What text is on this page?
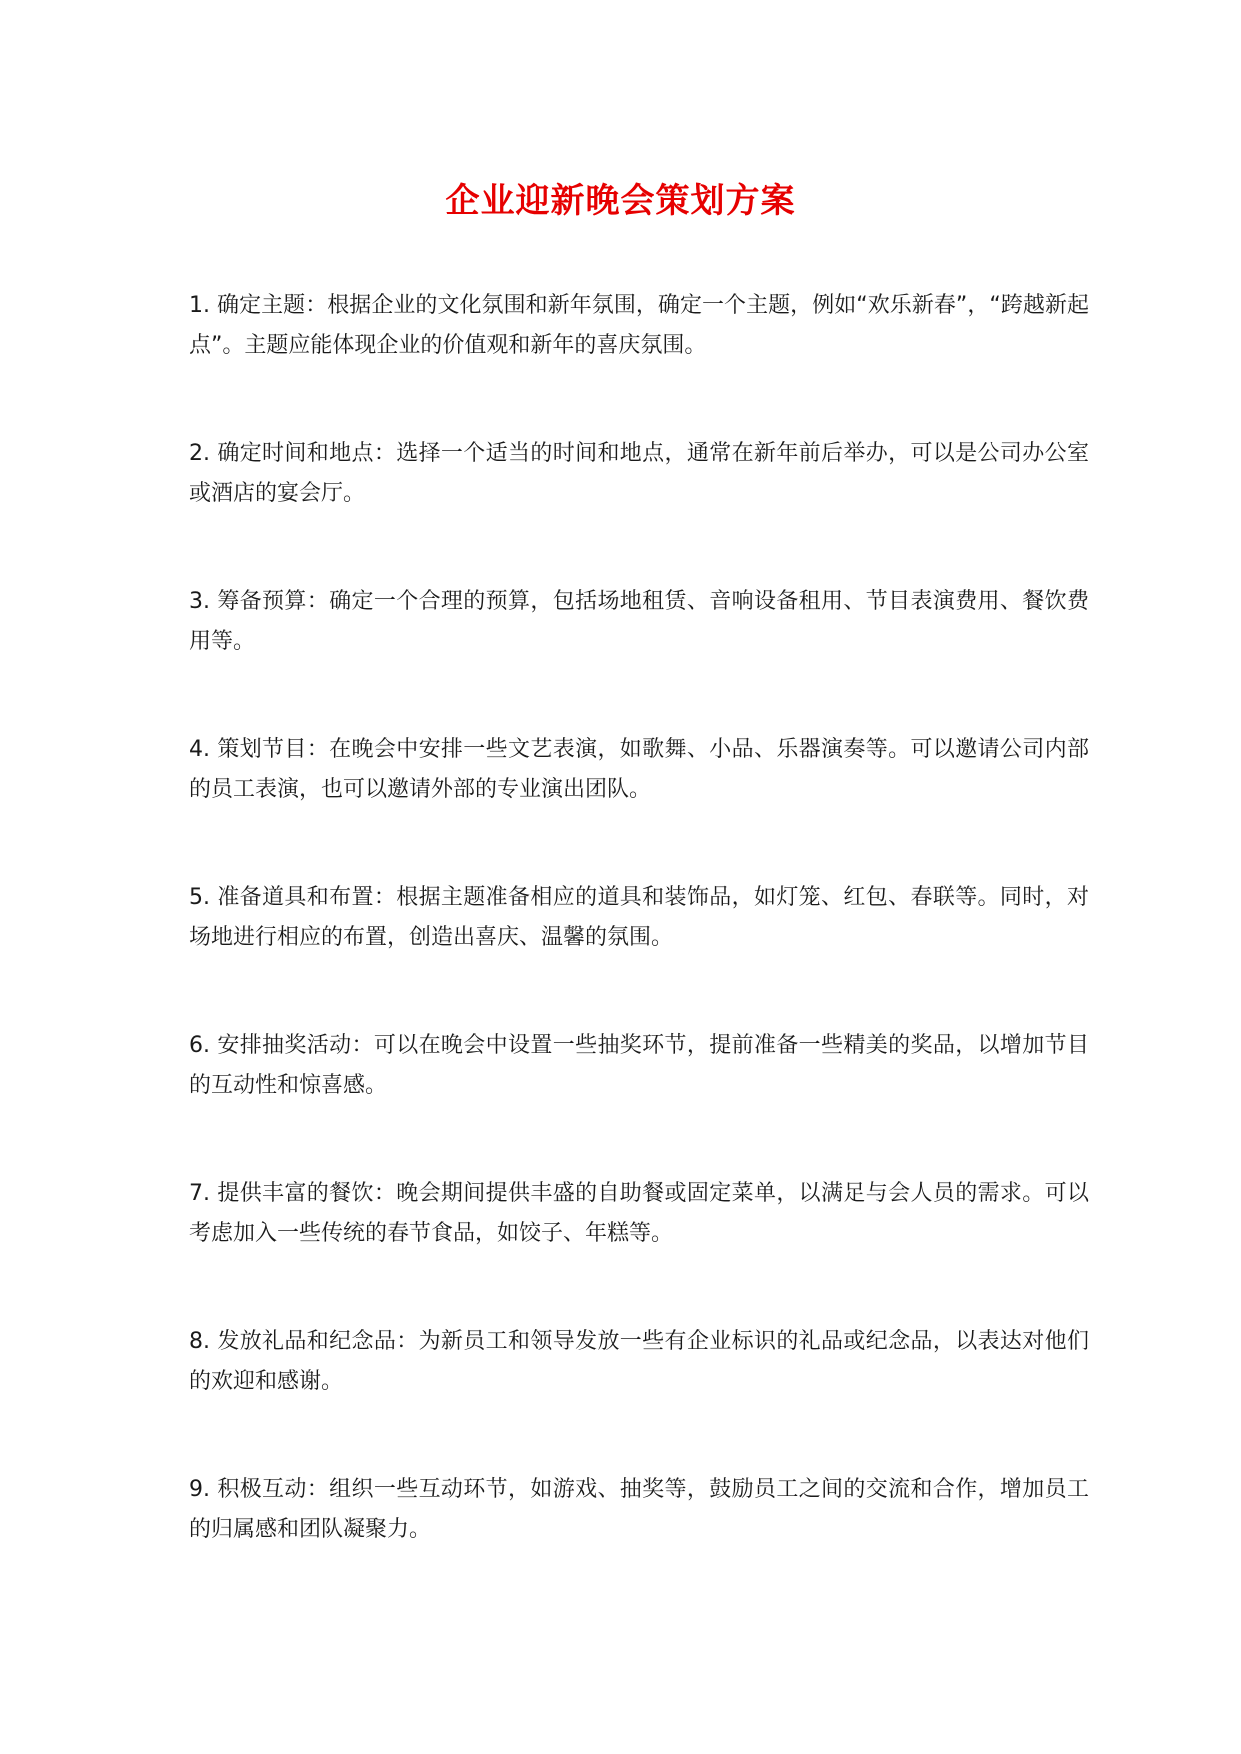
企业迎新晚会策划方案
1. 确定主题：根据企业的文化氛围和新年氛围，确定一个主题，例如“欢乐新春”，“跨越新起点”。主题应能体现企业的价值观和新年的喜庆氛围。
2. 确定时间和地点：选择一个适当的时间和地点，通常在新年前后举办，可以是公司办公室或酒店的宴会厅。
3. 筹备预算：确定一个合理的预算，包括场地租赁、音响设备租用、节目表演费用、餐饮费用等。
4. 策划节目：在晚会中安排一些文艺表演，如歌舞、小品、乐器演奏等。可以邀请公司内部的员工表演，也可以邀请外部的专业演出团队。
5. 准备道具和布置：根据主题准备相应的道具和装饰品，如灯笼、红包、春联等。同时，对场地进行相应的布置，创造出喜庆、温馨的氛围。
6. 安排抽奖活动：可以在晚会中设置一些抽奖环节，提前准备一些精美的奖品，以增加节目的互动性和惊喜感。
7. 提供丰富的餐饮：晚会期间提供丰盛的自助餐或固定菜单，以满足与会人员的需求。可以考虑加入一些传统的春节食品，如饺子、年糕等。
8. 发放礼品和纪念品：为新员工和领导发放一些有企业标识的礼品或纪念品，以表达对他们的欢迎和感谢。
9. 积极互动：组织一些互动环节，如游戏、抽奖等，鼓励员工之间的交流和合作，增加员工的归属感和团队凝聚力。
